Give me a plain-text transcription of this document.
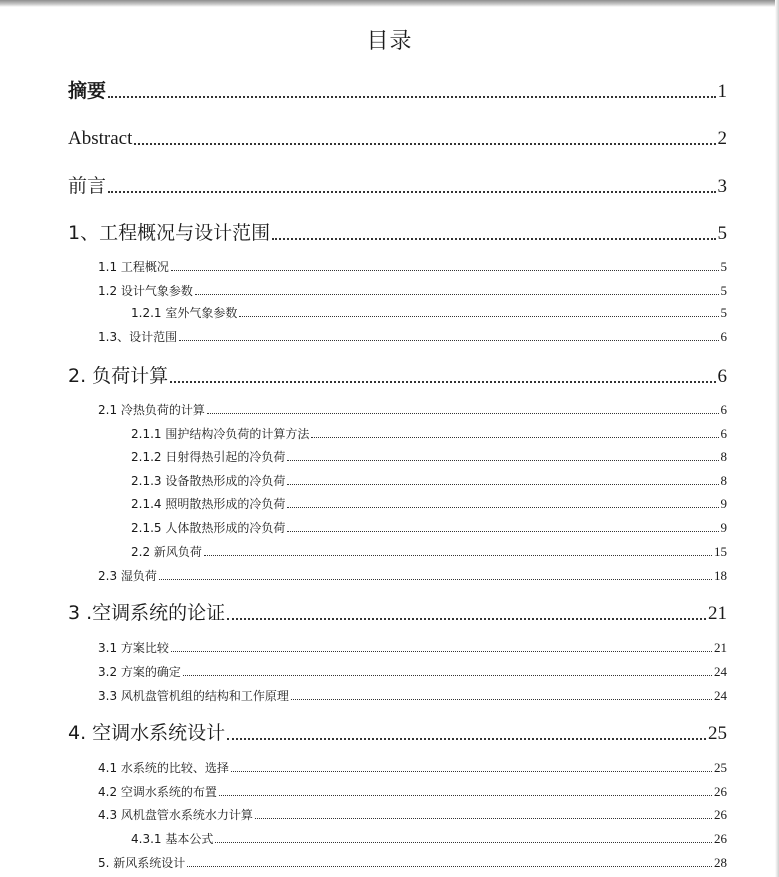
目录
摘要	1
Abstract	2
前言	3
1、工程概况与设计范围	5
1.1 工程概况	5
1.2 设计气象参数	5
1.2.1 室外气象参数	5
1.3、设计范围	6
2. 负荷计算	6
2.1 冷热负荷的计算	6
2.1.1 围护结构冷负荷的计算方法	6
2.1.2 日射得热引起的冷负荷	8
2.1.3 设备散热形成的冷负荷	8
2.1.4 照明散热形成的冷负荷	9
2.1.5 人体散热形成的冷负荷	9
2.2 新风负荷	15
2.3 湿负荷	18
3 .空调系统的论证	21
3.1 方案比较	21
3.2 方案的确定	24
3.3 风机盘管机组的结构和工作原理	24
4. 空调水系统设计	25
4.1 水系统的比较、选择	25
4.2 空调水系统的布置	26
4.3 风机盘管水系统水力计算	26
4.3.1 基本公式	26
5. 新风系统设计	28
